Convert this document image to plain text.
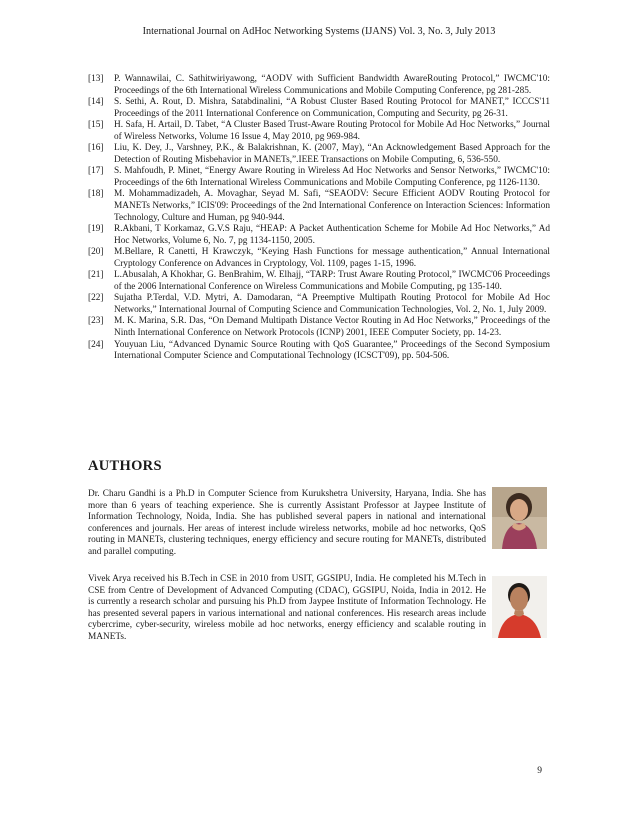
International Journal on AdHoc Networking Systems (IJANS) Vol. 3, No. 3, July 2013
[13] P. Wannawilai, C. Sathitwiriyawong, “AODV with Sufficient Bandwidth AwareRouting Protocol,” IWCMC'10: Proceedings of the 6th International Wireless Communications and Mobile Computing Conference, pg 281-285.
[14] S. Sethi, A. Rout, D. Mishra, Satabdinalini, “A Robust Cluster Based Routing Protocol for MANET,” ICCCS'11 Proceedings of the 2011 International Conference on Communication, Computing and Security, pg 26-31.
[15] H. Safa, H. Artail, D. Tabet, “A Cluster Based Trust-Aware Routing Protocol for Mobile Ad Hoc Networks,” Journal of Wireless Networks, Volume 16 Issue 4, May 2010, pg 969-984.
[16] Liu, K. Dey, J., Varshney, P.K., & Balakrishnan, K. (2007, May), “An Acknowledgement Based Approach for the Detection of Routing Misbehavior in MANETs,”.IEEE Transactions on Mobile Computing, 6, 536-550.
[17] S. Mahfoudh, P. Minet, “Energy Aware Routing in Wireless Ad Hoc Networks and Sensor Networks,” IWCMC'10: Proceedings of the 6th International Wireless Communications and Mobile Computing Conference, pg 1126-1130.
[18] M. Mohammadizadeh, A. Movaghar, Seyad M. Safi, “SEAODV: Secure Efficient AODV Routing Protocol for MANETs Networks,” ICIS'09: Proceedings of the 2nd International Conference on Interaction Sciences: Information Technology, Culture and Human, pg 940-944.
[19] R.Akbani, T Korkamaz, G.V.S Raju, “HEAP: A Packet Authentication Scheme for Mobile Ad Hoc Networks,” Ad Hoc Networks, Volume 6, No. 7, pg 1134-1150, 2005.
[20] M.Bellare, R Canetti, H Krawczyk, “Keying Hash Functions for message authentication,” Annual International Cryptology Conference on Advances in Cryptology, Vol. 1109, pages 1-15, 1996.
[21] L.Abusalah, A Khokhar, G. BenBrahim, W. Elhajj, “TARP: Trust Aware Routing Protocol,” IWCMC'06 Proceedings of the 2006 International Conference on Wireless Communications and Mobile Computing, pg 135-140.
[22] Sujatha P.Terdal, V.D. Mytri, A. Damodaran, “A Preemptive Multipath Routing Protocol for Mobile Ad Hoc Networks,” International Journal of Computing Science and Communication Technologies, Vol. 2, No. 1, July 2009.
[23] M. K. Marina, S.R. Das, “On Demand Multipath Distance Vector Routing in Ad Hoc Networks,” Proceedings of the Ninth International Conference on Network Protocols (ICNP) 2001, IEEE Computer Society, pp. 14-23.
[24] Youyuan Liu, “Advanced Dynamic Source Routing with QoS Guarantee,” Proceedings of the Second Symposium International Computer Science and Computational Technology (ICSCT'09), pp. 504-506.
AUTHORS

Dr. Charu Gandhi is a Ph.D in Computer Science from Kurukshetra University, Haryana, India. She has more than 6 years of teaching experience. She is currently Assistant Professor at Jaypee Institute of Information Technology, Noida, India. She has published several papers in national and international conferences and journals. Her areas of interest include wireless networks, mobile ad hoc networks, QoS routing in MANETs, clustering techniques, energy efficiency and secure routing for MANETs, distributed and parallel computing.

Vivek Arya received his B.Tech in CSE in 2010 from USIT, GGSIPU, India. He completed his M.Tech in CSE from Centre of Development of Advanced Computing (CDAC), GGSIPU, Noida, India in 2012. He is currently a research scholar and pursuing his Ph.D from Jaypee Institute of Information Technology. He has presented several papers in various international and national conferences. His research areas include cybercrime, cyber-security, wireless mobile ad hoc networks, energy efficiency and scalable routing in MANETs.

9
